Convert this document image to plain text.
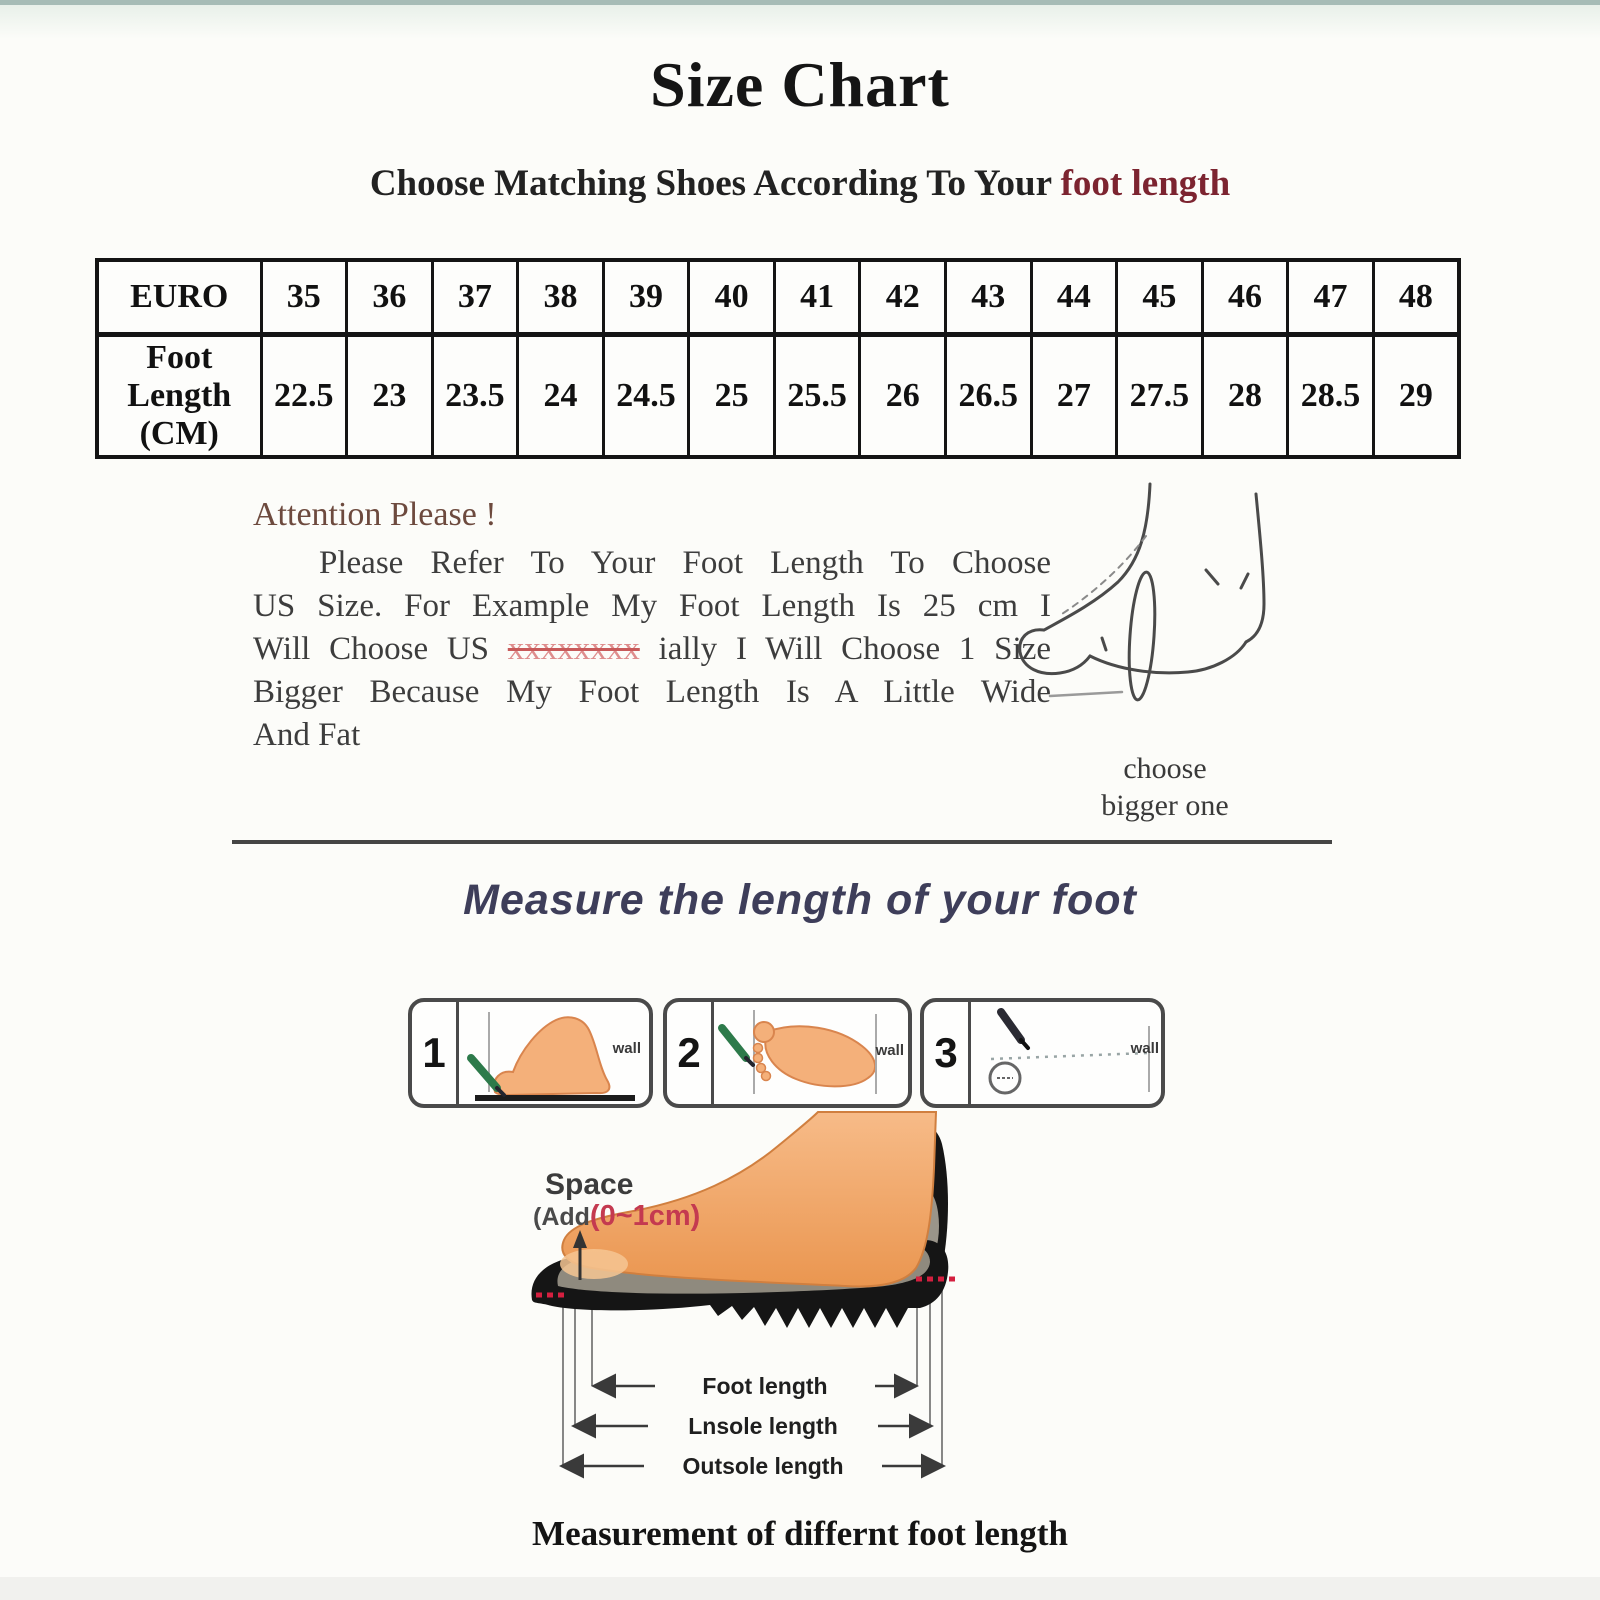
Size Chart
Choose Matching Shoes According To Your foot length
EURO	35	36	37	38	39	40	41	42	43	44	45	46	47	48
Foot Length (CM)	22.5	23	23.5	24	24.5	25	25.5	26	26.5	27	27.5	28	28.5	29
Attention Please !
Please Refer To Your Foot Length To Choose
US Size. For Example My Foot Length Is 25 cm I
Will Choose US xxxxxxxx ially I Will Choose 1 Size
Bigger Because My Foot Length Is A Little Wide
And Fat
choose
bigger one
Measure the length of your foot
1	wall 2	wall 3	wall
Space
(Add(0~1cm)
Foot length
Lnsole length
Outsole length
Measurement of differnt foot length
